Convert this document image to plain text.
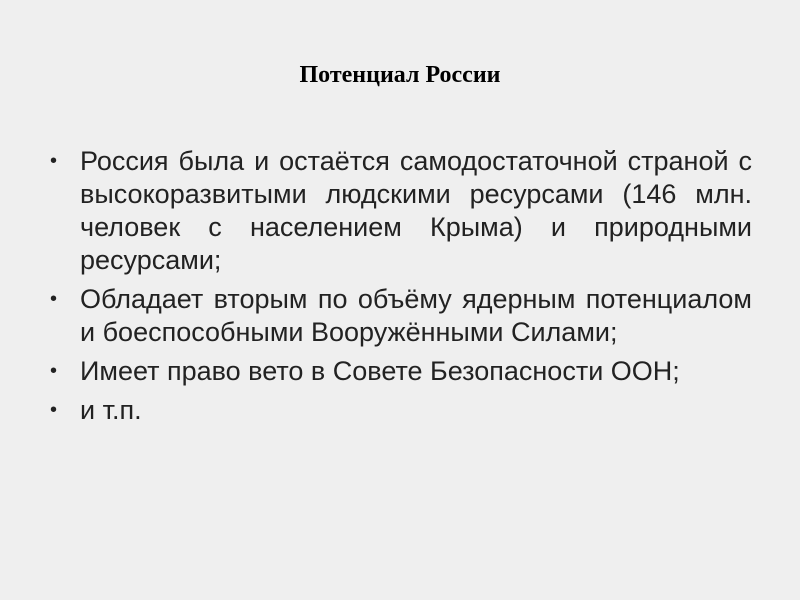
Потенциал России
• Россия была и остаётся самодостаточной страной с высокоразвитыми людскими ресурсами (146 млн. человек с населением Крыма) и природными ресурсами;
• Обладает вторым по объёму ядерным потенциалом и боеспособными Вооружёнными Силами;
• Имеет право вето в Совете Безопасности ООН;
• и т.п.
